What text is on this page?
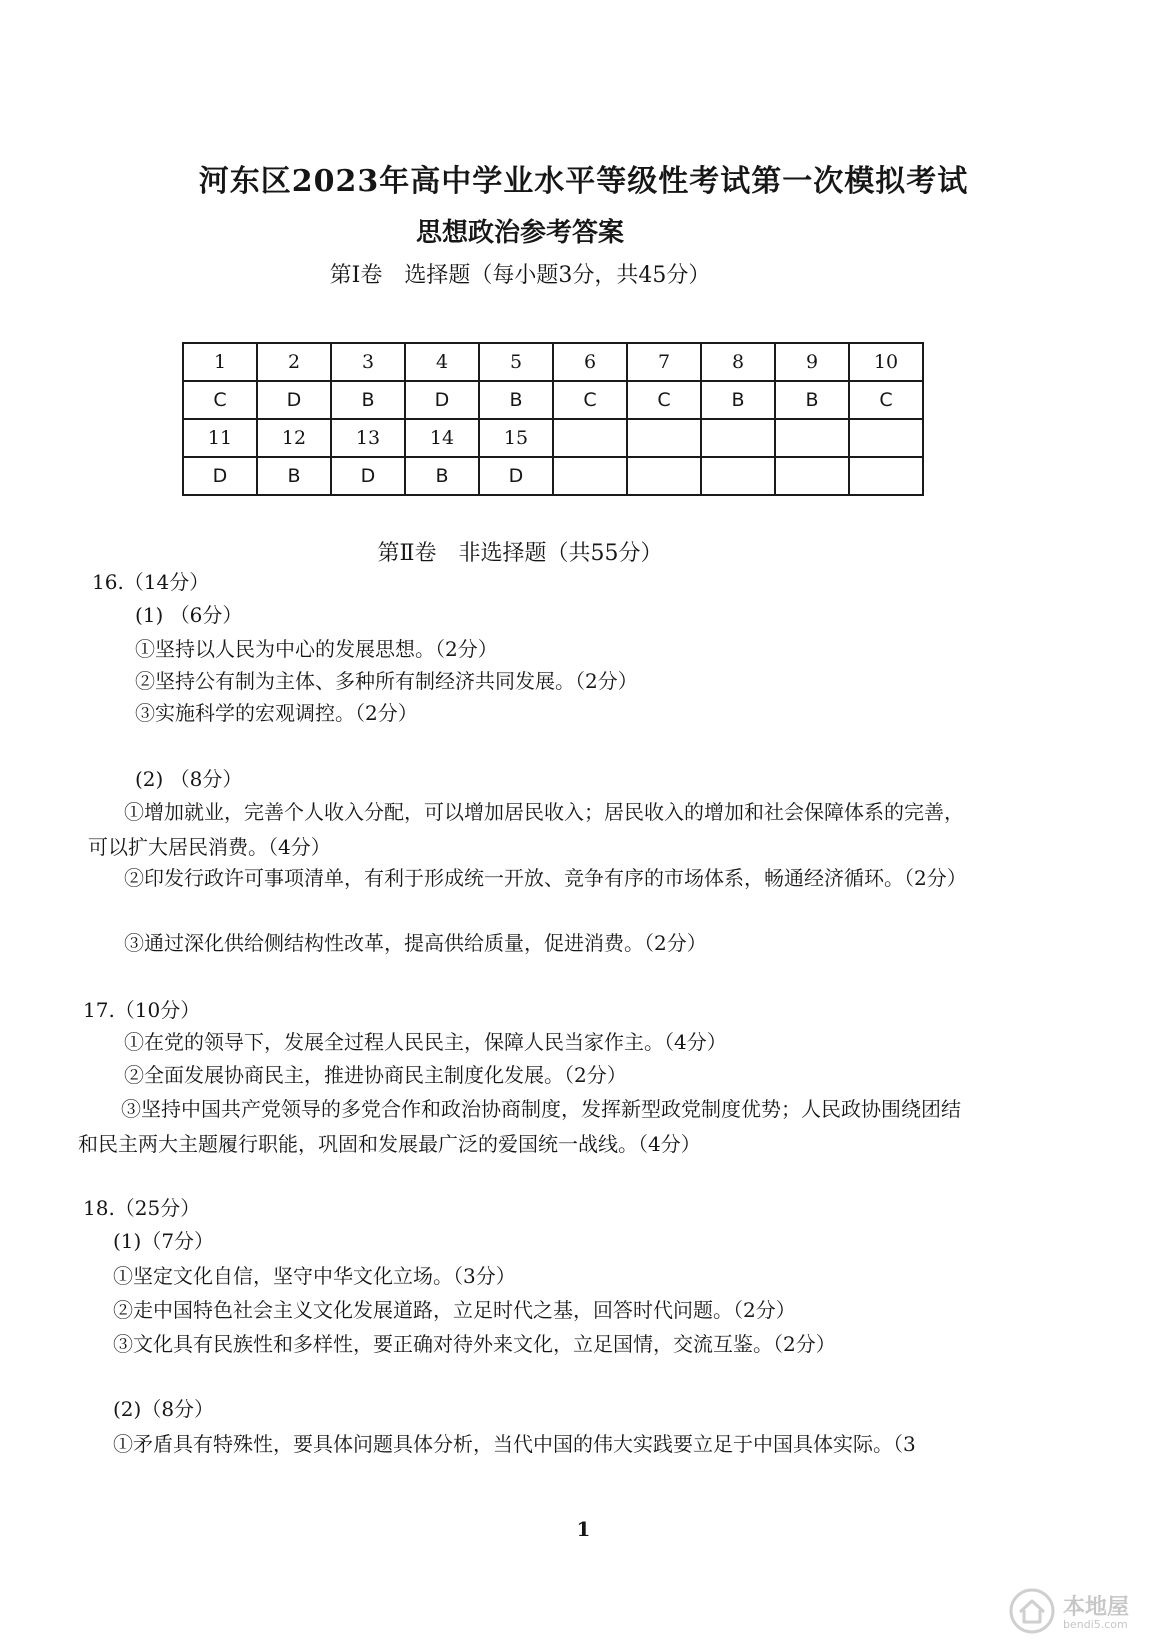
河东区2023年高中学业水平等级性考试第一次模拟考试
思想政治参考答案
第Ⅰ卷　选择题（每小题3分，共45分）
1	2	3	4	5	6	7	8	9	10
C	D	B	D	B	C	C	B	B	C
11	12	13	14	15					
D	B	D	B	D					
第Ⅱ卷　非选择题（共55分）
16.（14分）
(1) （6分）
①坚持以人民为中心的发展思想。（2分）
②坚持公有制为主体、多种所有制经济共同发展。（2分）
③实施科学的宏观调控。（2分）
(2) （8分）
①增加就业，完善个人收入分配，可以增加居民收入；居民收入的增加和社会保障体系的完善，可以扩大居民消费。（4分）
②印发行政许可事项清单，有利于形成统一开放、竞争有序的市场体系，畅通经济循环。（2分）
③通过深化供给侧结构性改革，提高供给质量，促进消费。（2分）
17.（10分）
①在党的领导下，发展全过程人民民主，保障人民当家作主。（4分）
②全面发展协商民主，推进协商民主制度化发展。（2分）
③坚持中国共产党领导的多党合作和政治协商制度，发挥新型政党制度优势；人民政协围绕团结和民主两大主题履行职能，巩固和发展最广泛的爱国统一战线。（4分）
18.（25分）
(1)（7分）
①坚定文化自信，坚守中华文化立场。（3分）
②走中国特色社会主义文化发展道路，立足时代之基，回答时代问题。（2分）
③文化具有民族性和多样性，要正确对待外来文化，立足国情，交流互鉴。（2分）
(2)（8分）
①矛盾具有特殊性，要具体问题具体分析，当代中国的伟大实践要立足于中国具体实际。（3
1
本地屋
bendi5.com
